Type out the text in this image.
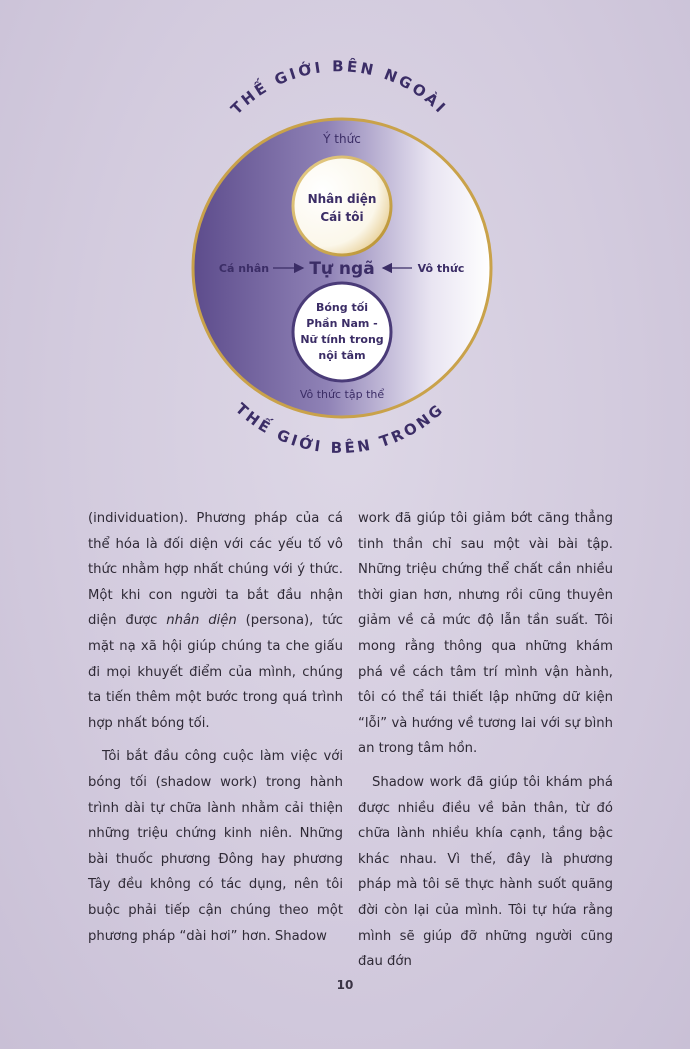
THẾ GIỚI BÊN NGOÀI
THẾ GIỚI BÊN TRONG
Ý thức
Nhân diện
Cái tôi
Cá nhân Tự ngã	Vô thức
Bóng tối
Phần Nam -
Nữ tính trong
nội tâm
Vô thức tập thể

(individuation). Phương pháp của cá thể hóa là đối diện với các yếu tố vô thức nhằm hợp nhất chúng với ý thức. Một khi con người ta bắt đầu nhận diện được nhân diện (persona), tức mặt nạ xã hội giúp chúng ta che giấu đi mọi khuyết điểm của mình, chúng ta tiến thêm một bước trong quá trình hợp nhất bóng tối.

Tôi bắt đầu công cuộc làm việc với bóng tối (shadow work) trong hành trình dài tự chữa lành nhằm cải thiện những triệu chứng kinh niên. Những bài thuốc phương Đông hay phương Tây đều không có tác dụng, nên tôi buộc phải tiếp cận chúng theo một phương pháp “dài hơi” hơn. Shadow

work đã giúp tôi giảm bớt căng thẳng tinh thần chỉ sau một vài bài tập. Những triệu chứng thể chất cần nhiều thời gian hơn, nhưng rồi cũng thuyên giảm về cả mức độ lẫn tần suất. Tôi mong rằng thông qua những khám phá về cách tâm trí mình vận hành, tôi có thể tái thiết lập những dữ kiện “lỗi” và hướng về tương lai với sự bình an trong tâm hồn.

Shadow work đã giúp tôi khám phá được nhiều điều về bản thân, từ đó chữa lành nhiều khía cạnh, tầng bậc khác nhau. Vì thế, đây là phương pháp mà tôi sẽ thực hành suốt quãng đời còn lại của mình. Tôi tự hứa rằng mình sẽ giúp đỡ những người cũng đau đớn

10
